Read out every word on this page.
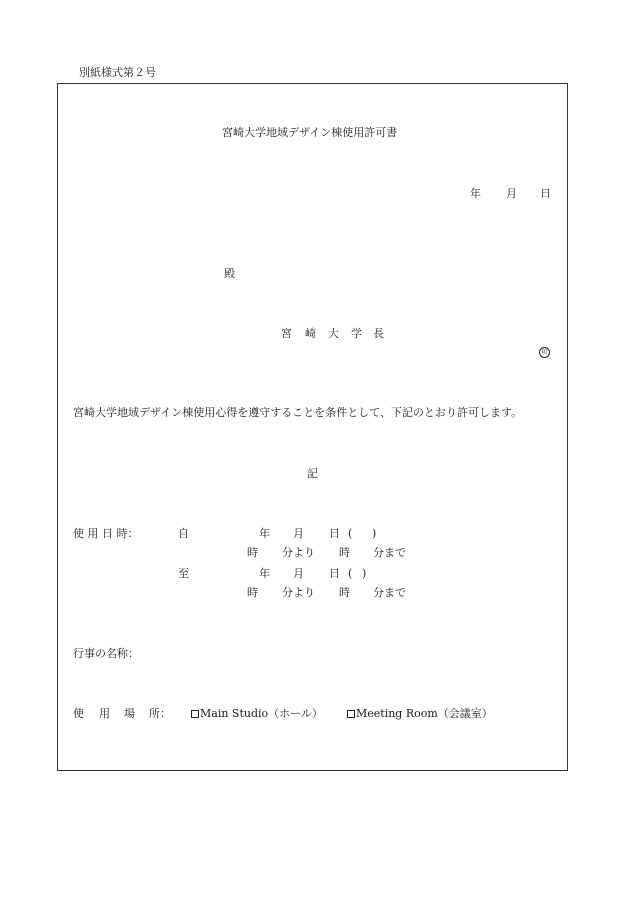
別紙様式第２号
宮崎大学地域デザイン棟使用許可書
年 月 日
殿
宮 崎 大 学 長
印
宮崎大学地域デザイン棟使用心得を遵守することを条件として、下記のとおり許可します。
記
使 用 日 時：	自	年 月 日 ( )
時 分より 時 分まで
至	年 月 日 ( )
時 分より 時 分まで
行事の名称：
使 用 場 所：	Main Studio（ホール）	Meeting Room（会議室）
